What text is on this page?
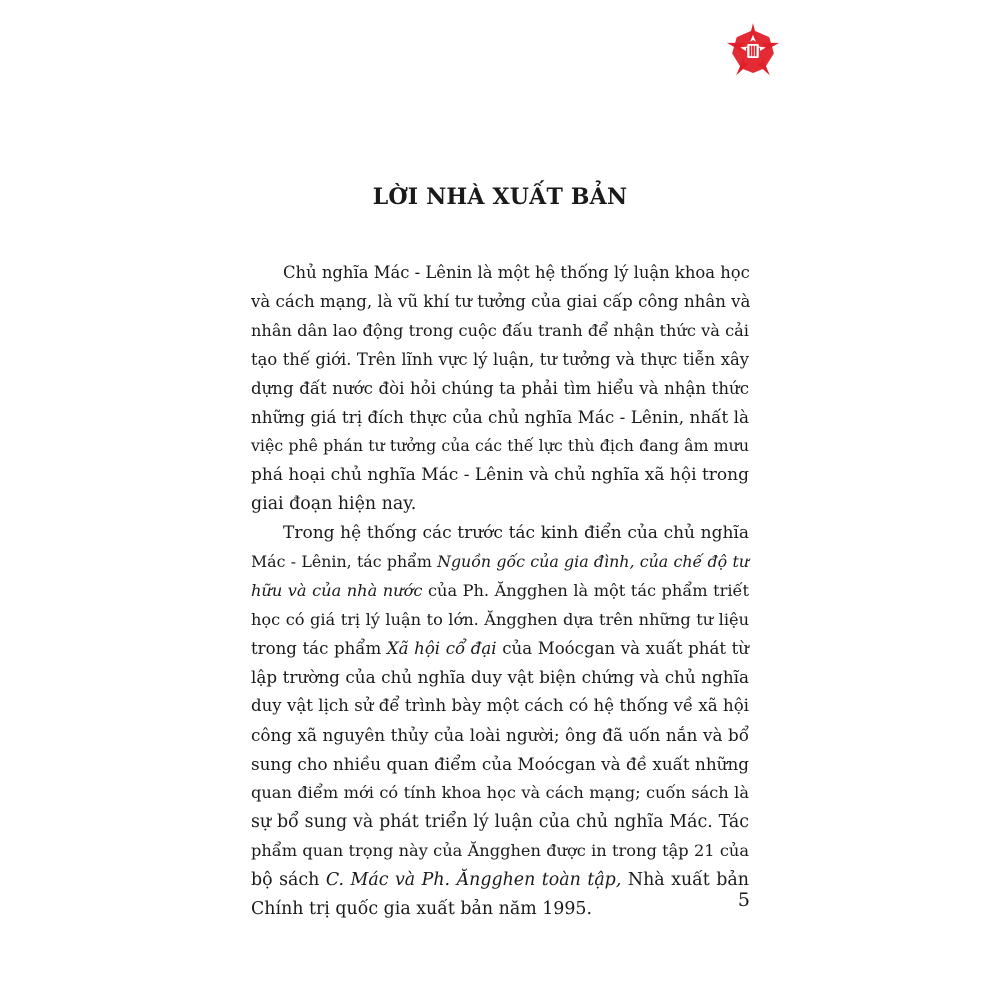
LỜI NHÀ XUẤT BẢN
Chủ nghĩa Mác - Lênin là một hệ thống lý luận khoa học
và cách mạng, là vũ khí tư tưởng của giai cấp công nhân và
nhân dân lao động trong cuộc đấu tranh để nhận thức và cải
tạo thế giới. Trên lĩnh vực lý luận, tư tưởng và thực tiễn xây
dựng đất nước đòi hỏi chúng ta phải tìm hiểu và nhận thức
những giá trị đích thực của chủ nghĩa Mác - Lênin, nhất là
việc phê phán tư tưởng của các thế lực thù địch đang âm mưu
phá hoại chủ nghĩa Mác - Lênin và chủ nghĩa xã hội trong
giai đoạn hiện nay.
Trong hệ thống các trước tác kinh điển của chủ nghĩa
Mác - Lênin, tác phẩm Nguồn gốc của gia đình, của chế độ tư
hữu và của nhà nước của Ph. Ăngghen là một tác phẩm triết
học có giá trị lý luận to lớn. Ăngghen dựa trên những tư liệu
trong tác phẩm Xã hội cổ đại của Moócgan và xuất phát từ
lập trường của chủ nghĩa duy vật biện chứng và chủ nghĩa
duy vật lịch sử để trình bày một cách có hệ thống về xã hội
công xã nguyên thủy của loài người; ông đã uốn nắn và bổ
sung cho nhiều quan điểm của Moócgan và đề xuất những
quan điểm mới có tính khoa học và cách mạng; cuốn sách là
sự bổ sung và phát triển lý luận của chủ nghĩa Mác. Tác
phẩm quan trọng này của Ăngghen được in trong tập 21 của
bộ sách C. Mác và Ph. Ăngghen toàn tập, Nhà xuất bản
Chính trị quốc gia xuất bản năm 1995.	5
